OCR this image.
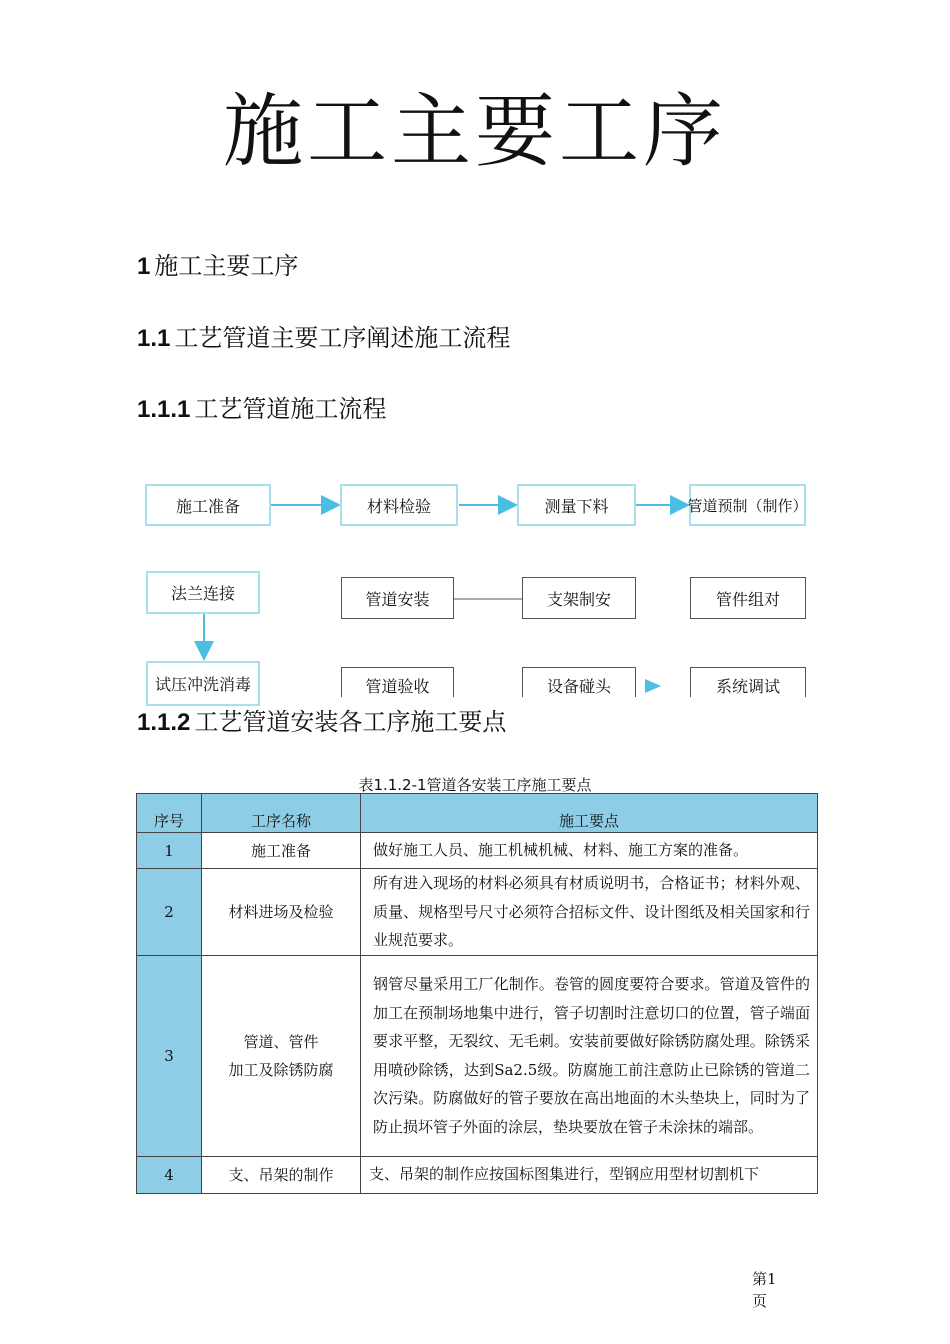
施工主要工序
1 施工主要工序
1.1 工艺管道主要工序阐述施工流程
1.1.1 工艺管道施工流程
施工准备	材料检验	测量下料	管道预制（制作）
法兰连接	管道安装	支架制安	管件组对
试压冲洗消毒	管道验收	设备碰头	系统调试
1.1.2 工艺管道安装各工序施工要点
表1.1.2-1管道各安装工序施工要点
序号	工序名称	施工要点
1	施工准备	做好施工人员、施工机械机械、材料、施工方案的准备。
2	材料进场及检验	所有进入现场的材料必须具有材质说明书，合格证书；材料外观、质量、规格型号尺寸必须符合招标文件、设计图纸及相关国家和行业规范要求。
3	管道、管件
加工及除锈防腐	钢管尽量采用工厂化制作。卷管的圆度要符合要求。管道及管件的加工在预制场地集中进行，管子切割时注意切口的位置，管子端面要求平整，无裂纹、无毛刺。安装前要做好除锈防腐处理。除锈采用喷砂除锈，达到Sa2.5级。防腐施工前注意防止已除锈的管道二次污染。防腐做好的管子要放在高出地面的木头垫块上，同时为了防止损坏管子外面的涂层，垫块要放在管子未涂抹的端部。
4	支、吊架的制作	支、吊架的制作应按国标图集进行，型钢应用型材切割机下
第1
页
